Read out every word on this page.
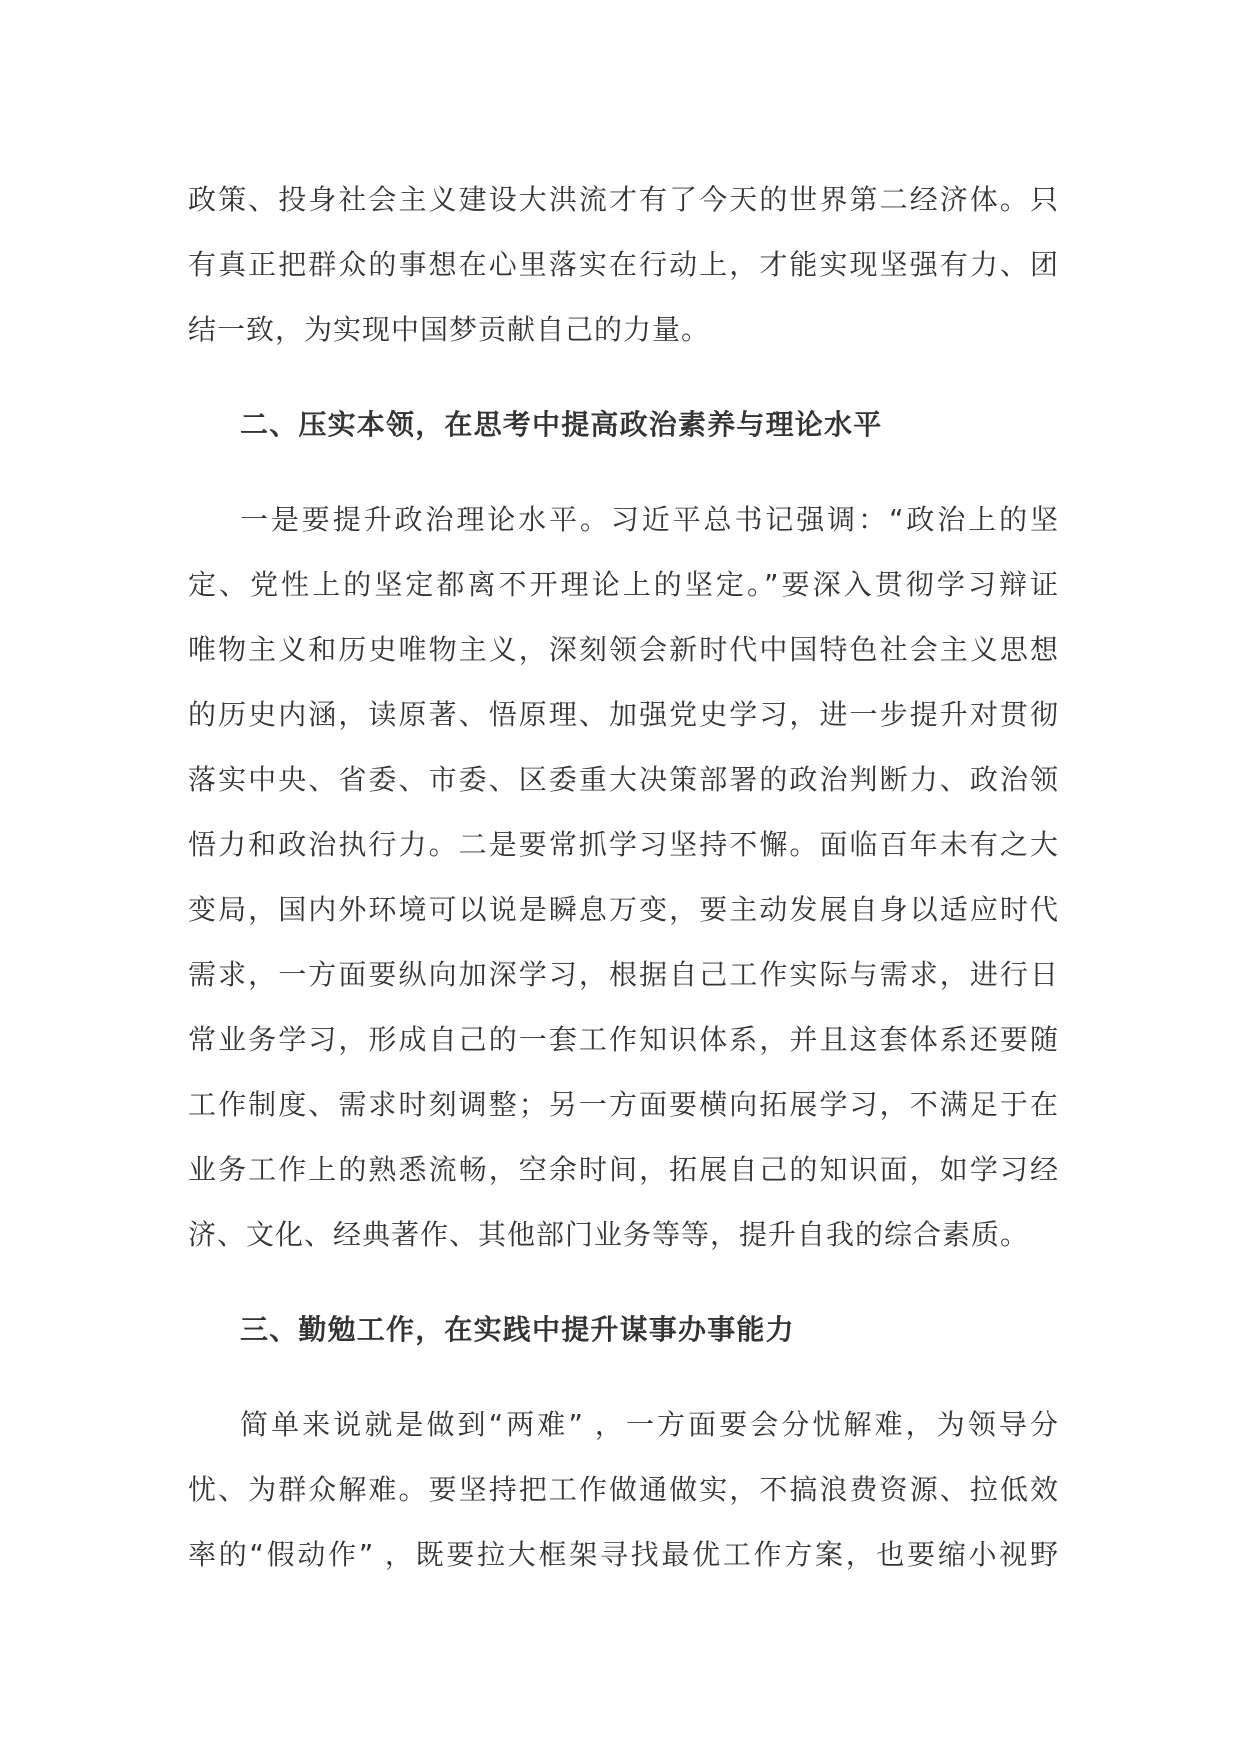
政策、投身社会主义建设大洪流才有了今天的世界第二经济体。只
有真正把群众的事想在心里落实在行动上，才能实现坚强有力、团
结一致，为实现中国梦贡献自己的力量。
二、压实本领，在思考中提高政治素养与理论水平
一是要提升政治理论水平。习近平总书记强调：“政治上的坚
定、党性上的坚定都离不开理论上的坚定。”要深入贯彻学习辩证
唯物主义和历史唯物主义，深刻领会新时代中国特色社会主义思想
的历史内涵，读原著、悟原理、加强党史学习，进一步提升对贯彻
落实中央、省委、市委、区委重大决策部署的政治判断力、政治领
悟力和政治执行力。二是要常抓学习坚持不懈。面临百年未有之大
变局，国内外环境可以说是瞬息万变，要主动发展自身以适应时代
需求，一方面要纵向加深学习，根据自己工作实际与需求，进行日
常业务学习，形成自己的一套工作知识体系，并且这套体系还要随
工作制度、需求时刻调整；另一方面要横向拓展学习，不满足于在
业务工作上的熟悉流畅，空余时间，拓展自己的知识面，如学习经
济、文化、经典著作、其他部门业务等等，提升自我的综合素质。
三、勤勉工作，在实践中提升谋事办事能力
简单来说就是做到“两难” ，一方面要会分忧解难，为领导分
忧、为群众解难。要坚持把工作做通做实，不搞浪费资源、拉低效
率的“假动作” ，既要拉大框架寻找最优工作方案，也要缩小视野
